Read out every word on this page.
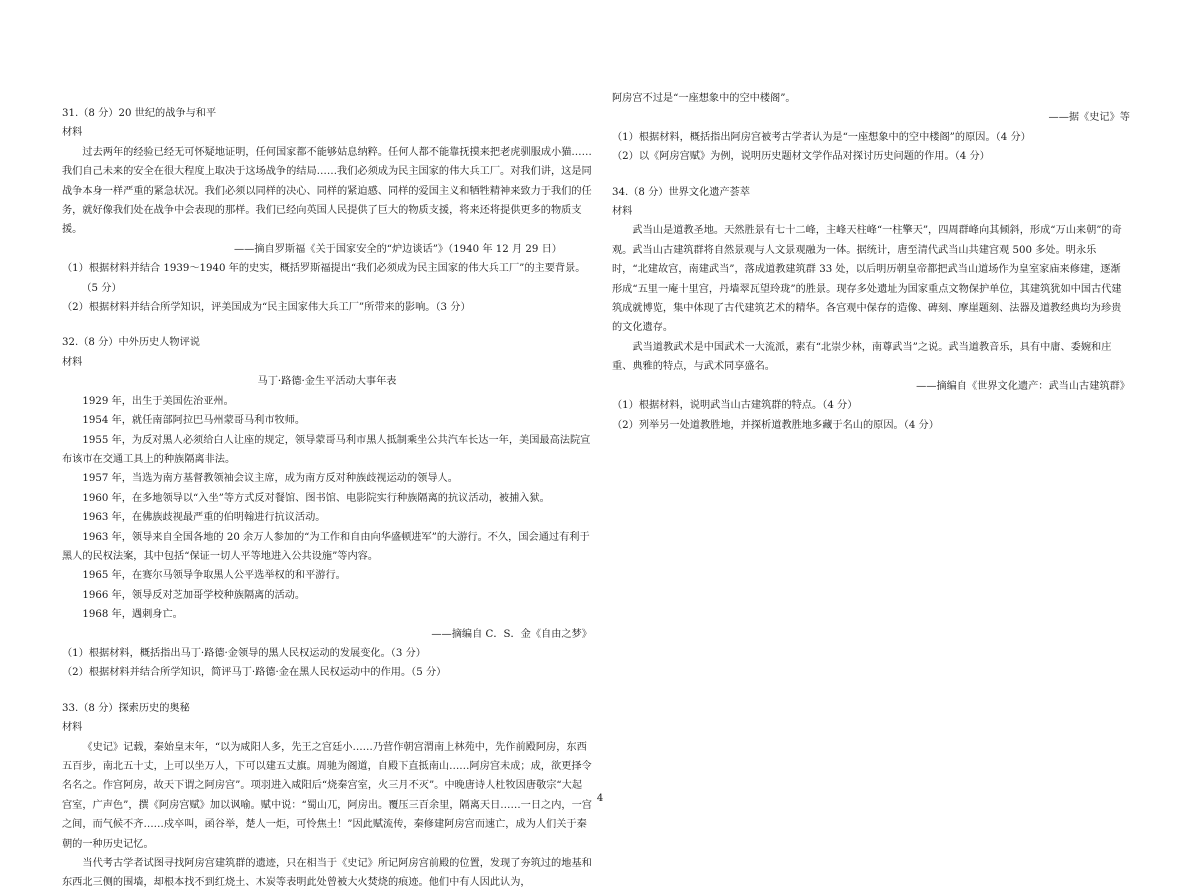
31.（8 分）20 世纪的战争与和平
材料

过去两年的经验已经无可怀疑地证明，任何国家都不能够姑息纳粹。任何人都不能靠抚摸来把老虎驯服成小猫……我们自己未来的安全在很大程度上取决于这场战争的结局……我们必须成为民主国家的伟大兵工厂。对我们讲，这是同战争本身一样严重的紧急状况。我们必须以同样的决心、同样的紧迫感、同样的爱国主义和牺牲精神来致力于我们的任务，就好像我们处在战争中会表现的那样。我们已经向英国人民提供了巨大的物质支援，将来还将提供更多的物质支援。

——摘自罗斯福《关于国家安全的“炉边谈话”》（1940 年 12 月 29 日）

（1）根据材料并结合 1939～1940 年的史实，概括罗斯福提出“我们必须成为民主国家的伟大兵工厂”的主要背景。（5 分）

（2）根据材料并结合所学知识，评美国成为“民主国家伟大兵工厂”所带来的影响。（3 分）

32.（8 分）中外历史人物评说
材料

马丁·路德·金生平活动大事年表

1929 年，出生于美国佐治亚州。

1954 年，就任南部阿拉巴马州蒙哥马利市牧师。

1955 年，为反对黑人必须给白人让座的规定，领导蒙哥马利市黑人抵制乘坐公共汽车长达一年，美国最高法院宣布该市在交通工具上的种族隔离非法。

1957 年，当选为南方基督教领袖会议主席，成为南方反对种族歧视运动的领导人。

1960 年，在多地领导以“入坐”等方式反对餐馆、图书馆、电影院实行种族隔离的抗议活动，被捕入狱。

1963 年，在佛族歧视最严重的伯明翰进行抗议活动。

1963 年，领导来自全国各地的 20 余万人参加的“为工作和自由向华盛顿进军”的大游行。不久，国会通过有利于黑人的民权法案，其中包括“保证一切人平等地进入公共设施”等内容。

1965 年，在赛尔马领导争取黑人公平选举权的和平游行。

1966 年，领导反对芝加哥学校种族隔离的活动。

1968 年，遇刺身亡。

——摘编自 C．S．金《自由之梦》

（1）根据材料，概括指出马丁·路德·金领导的黑人民权运动的发展变化。（3 分）

（2）根据材料并结合所学知识，简评马丁·路德·金在黑人民权运动中的作用。（5 分）

33.（8 分）探索历史的奥秘
材料

《史记》记载，秦始皇末年，“以为咸阳人多，先王之宫廷小……乃营作朝宫渭南上林苑中，先作前殿阿房，东西五百步，南北五十丈，上可以坐万人，下可以建五丈旗。周驰为阁道，自殿下直抵南山……阿房宫未成；成，欲更择令名名之。作宫阿房，故天下谓之阿房宫”。项羽进入咸阳后“烧秦宫室，火三月不灭”。中晚唐诗人杜牧因唐敬宗“大起宫室，广声色”，撰《阿房宫赋》加以讽喻。赋中说：“蜀山兀，阿房出。覆压三百余里，隔离天日……一日之内，一宫之间，而气候不齐……戍卒叫，函谷举，楚人一炬，可怜焦土！”因此赋流传，秦修建阿房宫而速亡，成为人们关于秦朝的一种历史记忆。

当代考古学者试图寻找阿房宫建筑群的遗迹，只在相当于《史记》所记阿房宫前殿的位置，发现了夯筑过的地基和东西北三侧的围墙，却根本找不到红烧土、木炭等表明此处曾被大火焚烧的痕迹。他们中有人因此认为，

阿房宫不过是“一座想象中的空中楼阁”。

——据《史记》等

（1）根据材料，概括指出阿房宫被考古学者认为是“一座想象中的空中楼阁”的原因。（4 分）

（2）以《阿房宫赋》为例，说明历史题材文学作品对探讨历史问题的作用。（4 分）

34.（8 分）世界文化遗产荟萃
材料

武当山是道教圣地。天然胜景有七十二峰，主峰天柱峰“一柱擎天”，四周群峰向其倾斜，形成“万山来朝”的奇观。武当山古建筑群将自然景观与人文景观融为一体。据统计，唐至清代武当山共建宫观 500 多处。明永乐时，“北建故宫，南建武当”，落成道教建筑群 33 处，以后明历朝皇帝都把武当山道场作为皇室家庙来修建，逐渐形成“五里一庵十里宫，丹墙翠瓦望玲珑”的胜景。现存多处遗址为国家重点文物保护单位，其建筑犹如中国古代建筑成就博览，集中体现了古代建筑艺术的精华。各宫观中保存的造像、碑刻、摩崖题刻、法器及道教经典均为珍贵的文化遗存。

武当道教武术是中国武术一大流派，素有“北崇少林，南尊武当”之说。武当道教音乐，具有中庸、委婉和庄重、典雅的特点，与武术同享盛名。

——摘编自《世界文化遗产：武当山古建筑群》

（1）根据材料，说明武当山古建筑群的特点。（4 分）

（2）列举另一处道教胜地，并探析道教胜地多藏于名山的原因。（4 分）

4
